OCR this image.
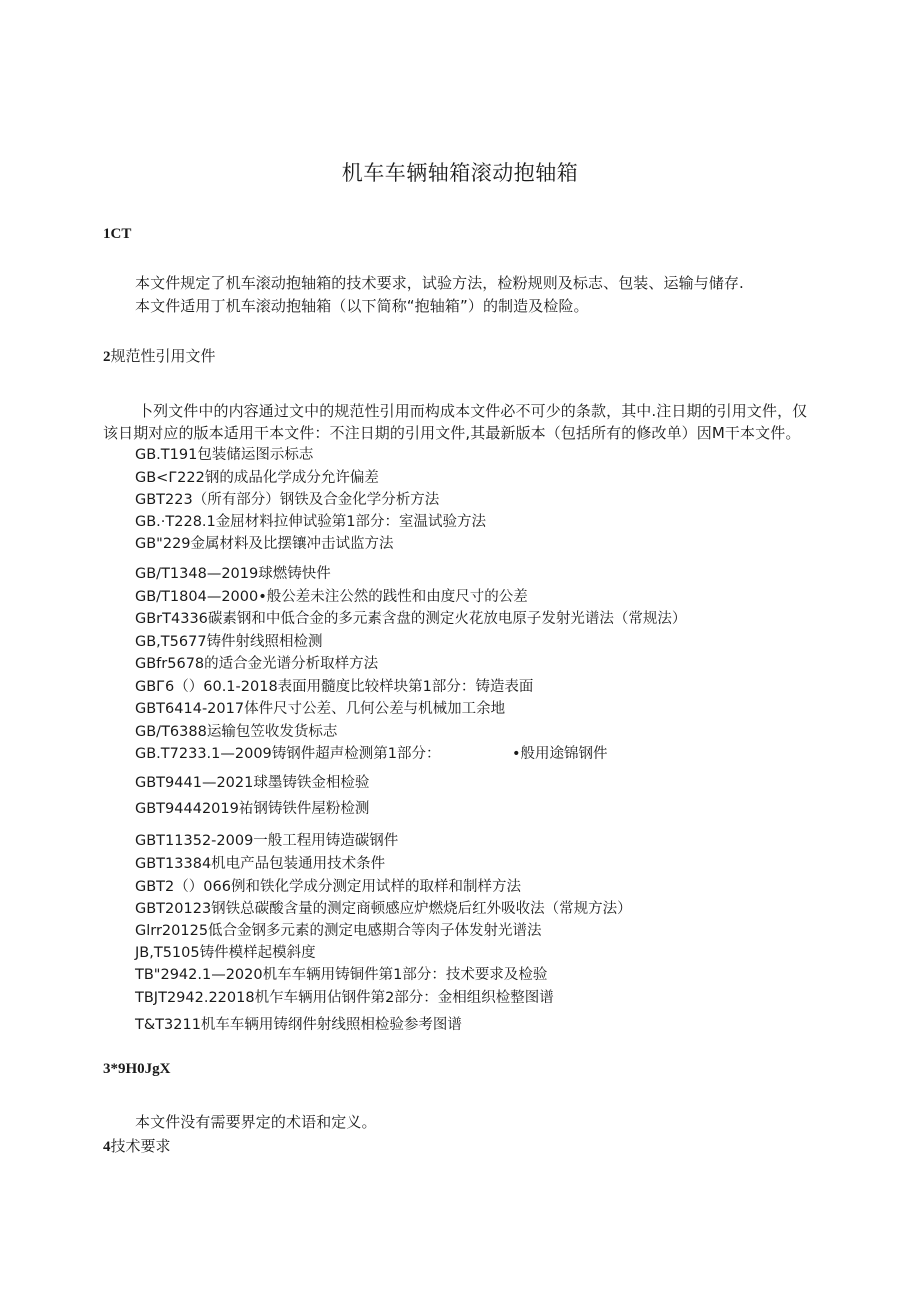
机车车辆轴箱滚动抱轴箱
1CT
本文件规定了机车滚动抱轴箱的技术要求，试验方法，检粉规则及标志、包装、运输与储存.
本文件适用丁机车滚动抱轴箱（以下简称“抱轴箱”）的制造及检险。
2规范性引用文件
卜列文件中的内容通过文中的规范性引用而构成本文件必不可少的条款，其中.注日期的引用文件，仅
该日期对应的版本适用干本文件：不注日期的引用文件,其最新版本（包括所有的修改单）因M干本文件。
GB.T191包装储运图示标志
GB<Г222钢的成品化学成分允许偏差
GBT223（所有部分）钢铁及合金化学分析方法
GB.·T228.1金屈材料拉伸试验第1部分：室温试验方法
GB"229金属材料及比摆镶冲击试监方法
GB/T1348—2019球燃铸快件
GB/T1804—2000•般公差未注公然的践性和由度尺寸的公差
GBrT4336碳素钢和中低合金的多元素含盘的测定火花放电原子发射光谱法（常规法）
GB,T5677铸件射线照相检测
GBfr5678的适合金光谱分析取样方法
GBГ6（）60.1-2018表面用髓度比较样块第1部分：铸造表面
GBT6414-2017体件尺寸公差、几何公差与机械加工余地
GB/T6388运输包笠收发货标志
GB.T7233.1—2009铸钢件超声检测第1部分：	•般用途锦钢件
GBT9441—2021球墨铸铁金相检验
GBT94442019祐钢铸铁件屋粉检测
GBT11352-2009一般工程用铸造碳钢件
GBT13384机电产品包装通用技术条件
GBT2（）066例和铁化学成分测定用试样的取样和制样方法
GBT20123钢铁总碳酸含量的测定商顿感应炉燃烧后红外吸收法（常规方法）
Glrr20125低合金钢多元素的测定电感期合等肉子体发射光谱法
JB,T5105铸件模样起模斜度
TB"2942.1—2020机车车辆用铸铜件第1部分：技术要求及检验
TBJT2942.22018机乍车辆用佔钢件第2部分：金相组织检整图谱
T&T3211机车车辆用铸纲件射线照相检验参考图谱
3*9H0JgX
本文件没有需要界定的术语和定义。
4技术要求
